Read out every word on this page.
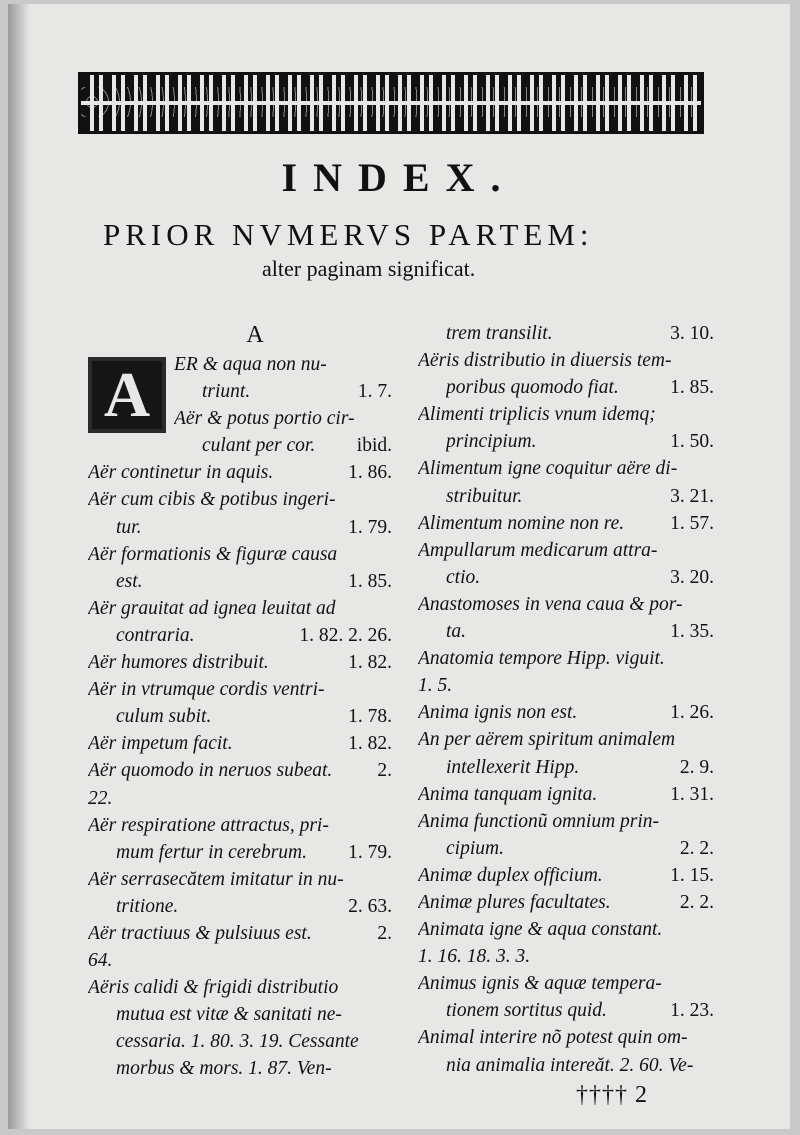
INDEX.
PRIOR NVMERVS PARTEM:
alter paginam significat.
A
A	ER & aqua non nu-
triunt.	1. 7.
Aër & potus portio cir-
culant per cor.	ibid.
Aër continetur in aquis.	1. 86.
Aër cum cibis & potibus ingeri-
tur.	1. 79.
Aër formationis & figuræ causa
est.	1. 85.
Aër grauitat ad ignea leuitat ad
contraria.	1. 82. 2. 26.
Aër humores distribuit.	1. 82.
Aër in vtrumque cordis ventri-
culum subit.	1. 78.
Aër impetum facit.	1. 82.
Aër quomodo in neruos subeat.	2.
22.
Aër respiratione attractus, pri-
mum fertur in cerebrum.	1. 79.
Aër serrasecătem imitatur in nu-
tritione.	2. 63.
Aër tractiuus & pulsiuus est.	2.
64.
Aëris calidi & frigidi distributio
mutua est vitæ & sanitati ne-
cessaria. 1. 80. 3. 19. Cessante
morbus & mors. 1. 87. Ven-
trem transilit.	3. 10.
Aëris distributio in diuersis tem-
poribus quomodo fiat.	1. 85.
Alimenti triplicis vnum idemq;
principium.	1. 50.
Alimentum igne coquitur aëre di-
stribuitur.	3. 21.
Alimentum nomine non re.	1. 57.
Ampullarum medicarum attra-
ctio.	3. 20.
Anastomoses in vena caua & por-
ta.	1. 35.
Anatomia tempore Hipp. viguit.
1. 5.
Anima ignis non est.	1. 26.
An per aërem spiritum animalem
intellexerit Hipp.	2. 9.
Anima tanquam ignita.	1. 31.
Anima functionũ omnium prin-
cipium.	2. 2.
Animæ duplex officium.	1. 15.
Animæ plures facultates.	2. 2.
Animata igne & aqua constant.
1. 16. 18. 3. 3.
Animus ignis & aquæ tempera-
tionem sortitus quid.	1. 23.
Animal interire nõ potest quin om-
nia animalia intereăt. 2. 60. Ve-
†††† 2
